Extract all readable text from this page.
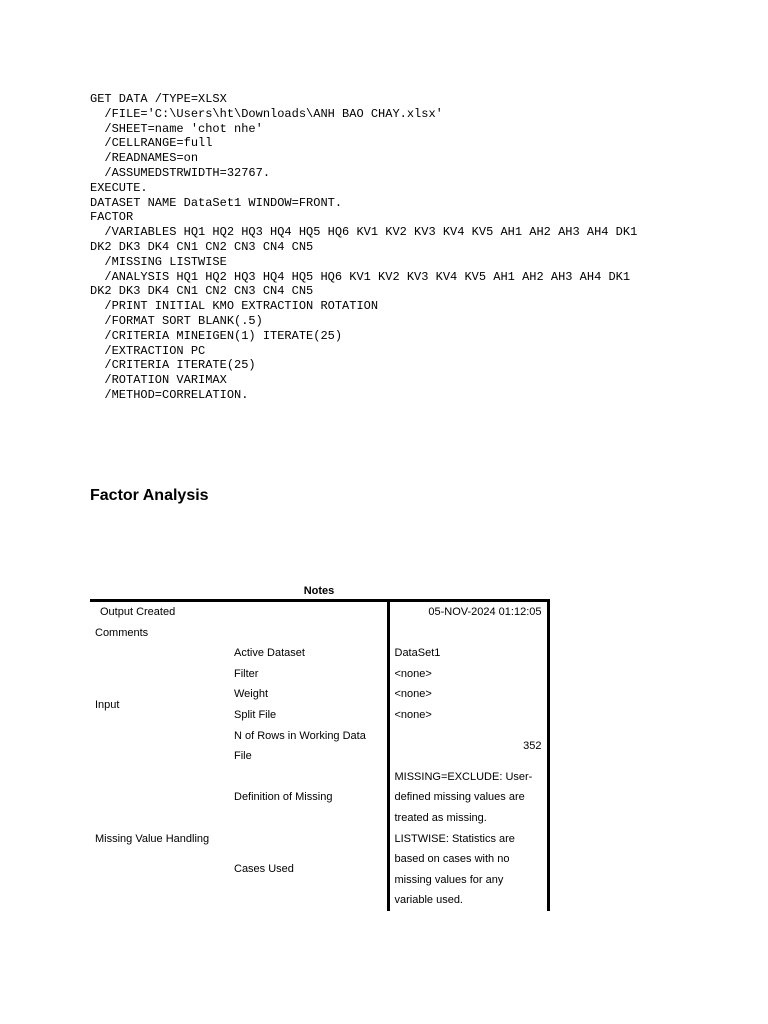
GET DATA /TYPE=XLSX
/FILE='C:\Users\ht\Downloads\ANH BAO CHAY.xlsx'
/SHEET=name 'chot nhe'
/CELLRANGE=full
/READNAMES=on
/ASSUMEDSTRWIDTH=32767.
EXECUTE.
DATASET NAME DataSet1 WINDOW=FRONT.
FACTOR
/VARIABLES HQ1 HQ2 HQ3 HQ4 HQ5 HQ6 KV1 KV2 KV3 KV4 KV5 AH1 AH2 AH3 AH4 DK1
DK2 DK3 DK4 CN1 CN2 CN3 CN4 CN5
/MISSING LISTWISE
/ANALYSIS HQ1 HQ2 HQ3 HQ4 HQ5 HQ6 KV1 KV2 KV3 KV4 KV5 AH1 AH2 AH3 AH4 DK1
DK2 DK3 DK4 CN1 CN2 CN3 CN4 CN5
/PRINT INITIAL KMO EXTRACTION ROTATION
/FORMAT SORT BLANK(.5)
/CRITERIA MINEIGEN(1) ITERATE(25)
/EXTRACTION PC
/CRITERIA ITERATE(25)
/ROTATION VARIMAX
/METHOD=CORRELATION.
Factor Analysis
Notes
Output Created		05-NOV-2024 01:12:05
Comments		
Input	Active Dataset	DataSet1
	Filter	<none>
	Weight	<none>
	Split File	<none>
	N of Rows in Working Data	352
	File	
Missing Value Handling	Definition of Missing	MISSING=EXCLUDE: User-
		defined missing values are
		treated as missing.
	Cases Used	LISTWISE: Statistics are
		based on cases with no
		missing values for any
		variable used.
